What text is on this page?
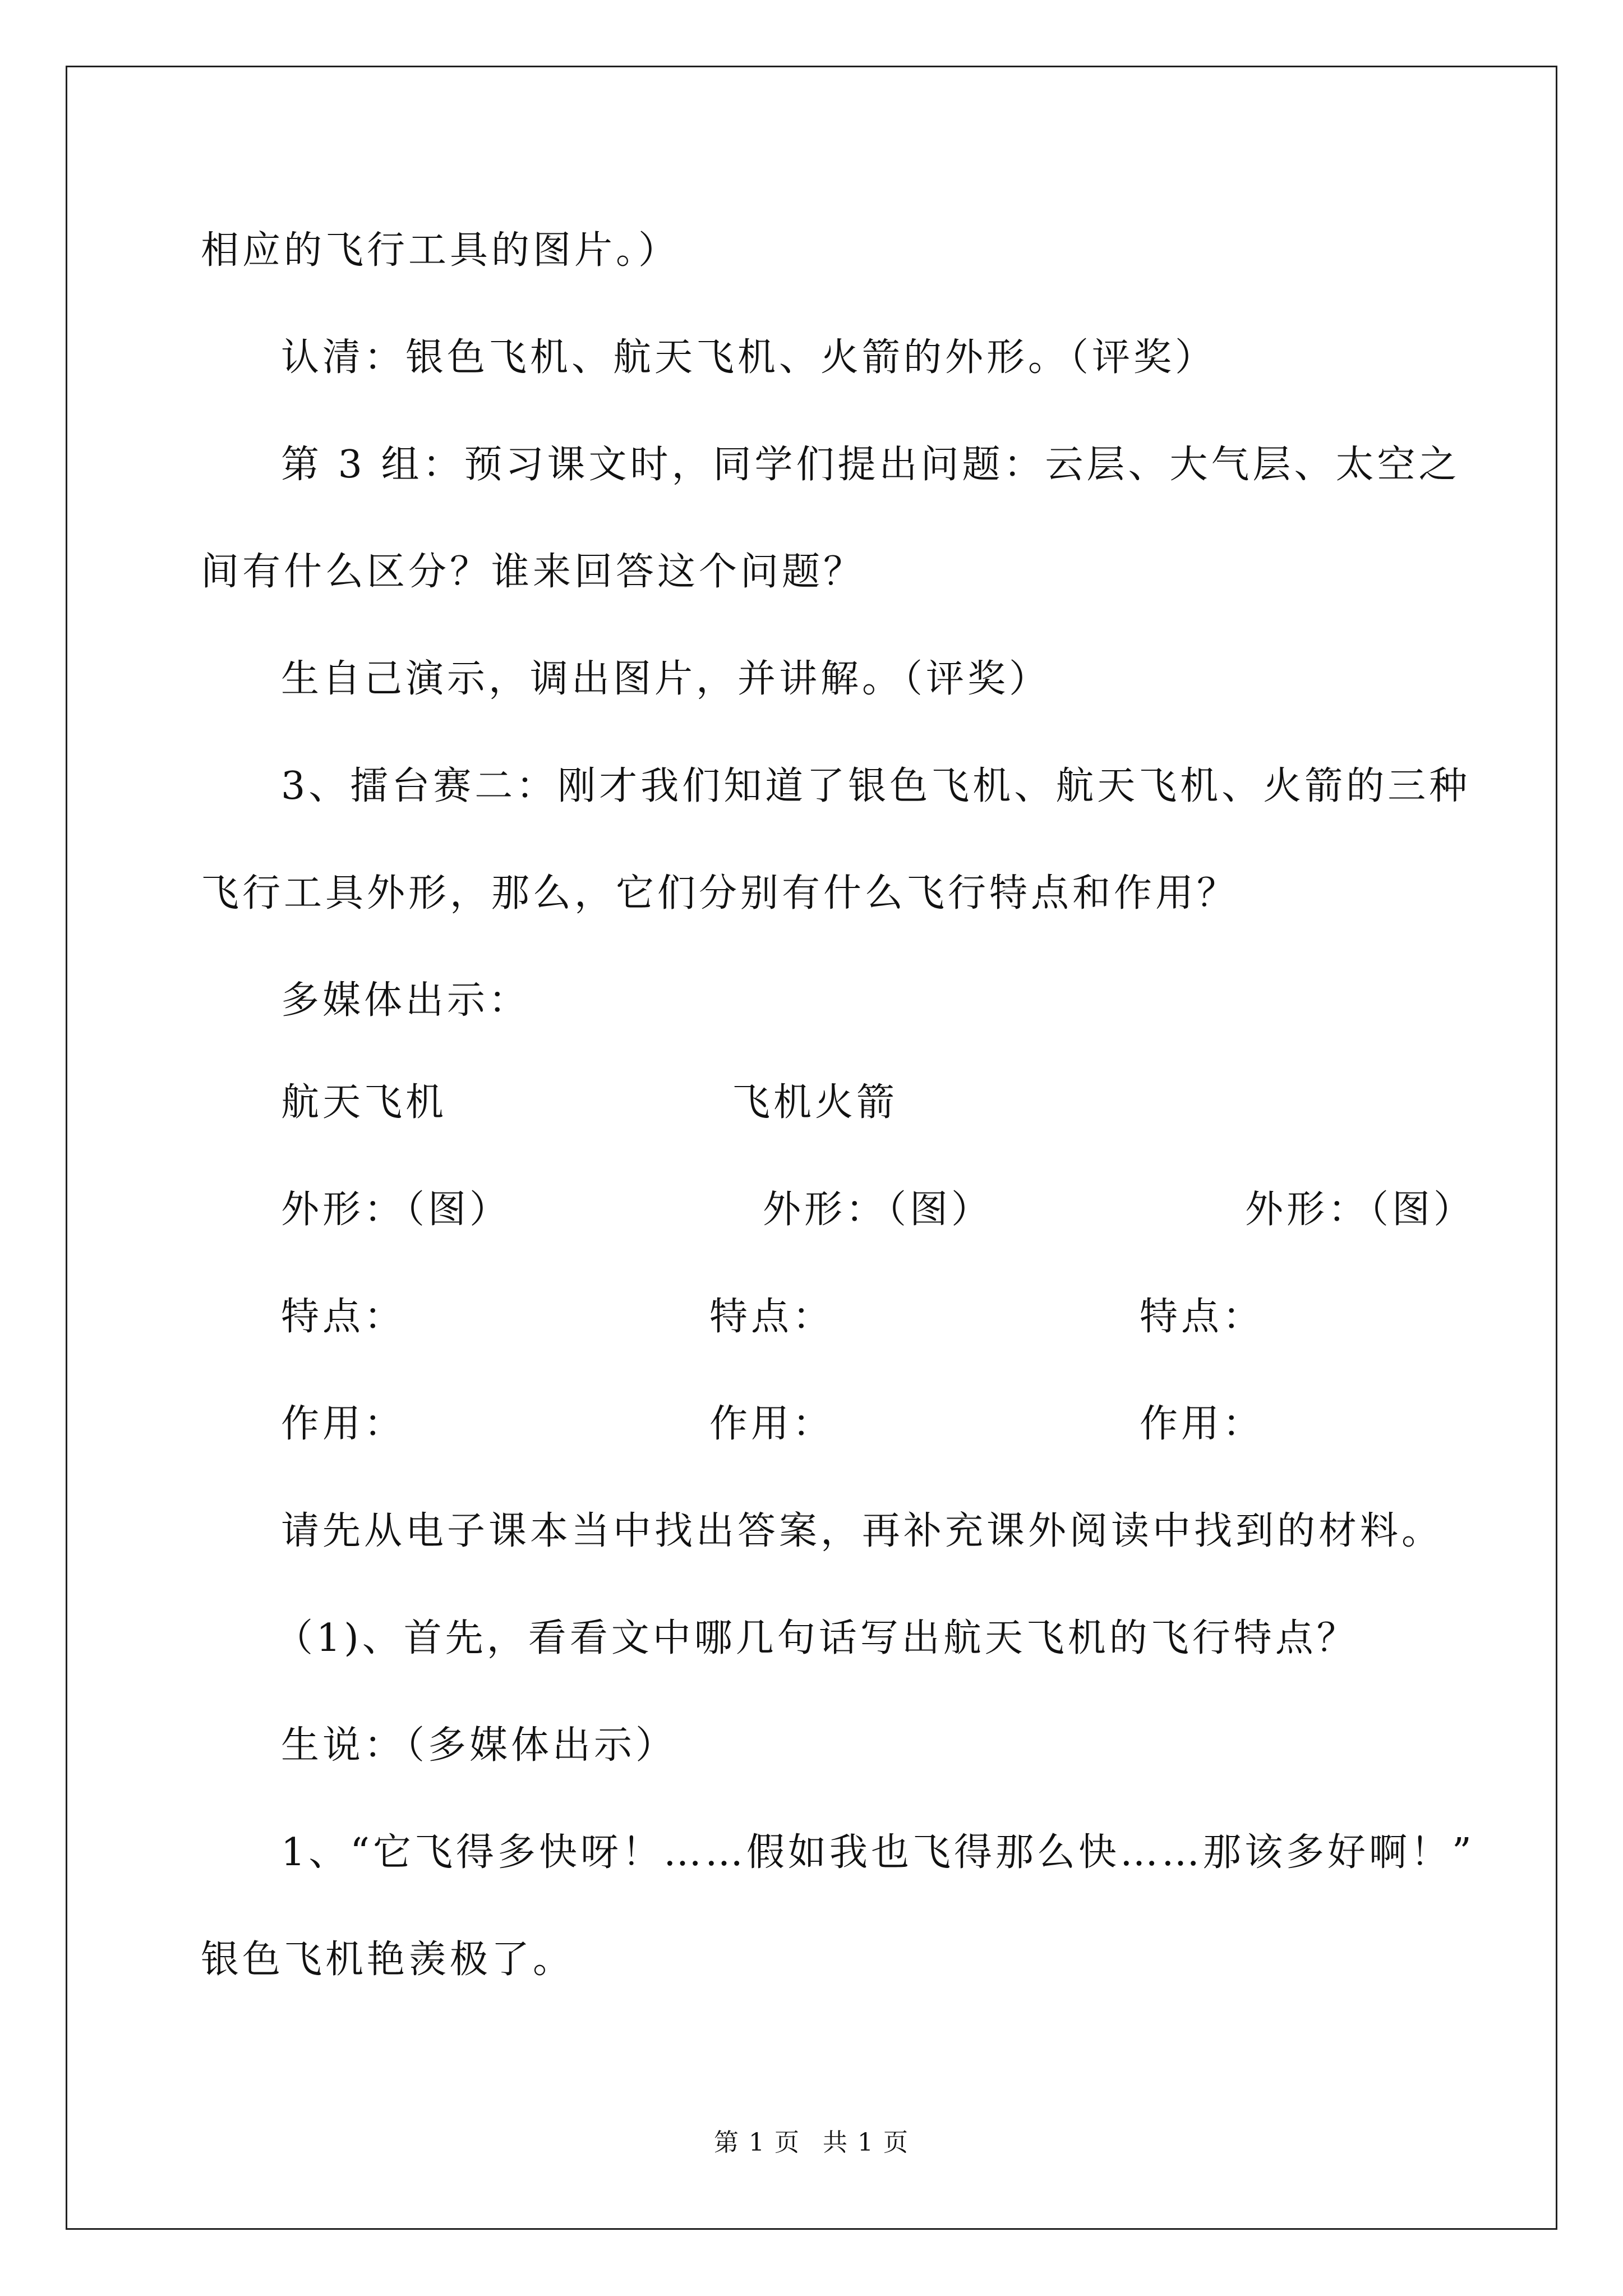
相应的飞行工具的图片。）
认清：银色飞机、航天飞机、火箭的外形。（评奖）
第 3 组：预习课文时，同学们提出问题：云层、大气层、太空之
间有什么区分？谁来回答这个问题？
生自己演示，调出图片，并讲解。（评奖）
3、擂台赛二：刚才我们知道了银色飞机、航天飞机、火箭的三种
飞行工具外形，那么，它们分别有什么飞行特点和作用？
多媒体出示：
航天飞机	飞机火箭
外形：（图）	外形：（图）	外形：（图）
特点：	特点：	特点：
作用：	作用：	作用：
请先从电子课本当中找出答案，再补充课外阅读中找到的材料。
（1)、首先，看看文中哪几句话写出航天飞机的飞行特点？
生说：（多媒体出示）
1、“它飞得多快呀！……假如我也飞得那么快……那该多好啊！”
银色飞机艳羡极了。
第 1 页 共 1 页
